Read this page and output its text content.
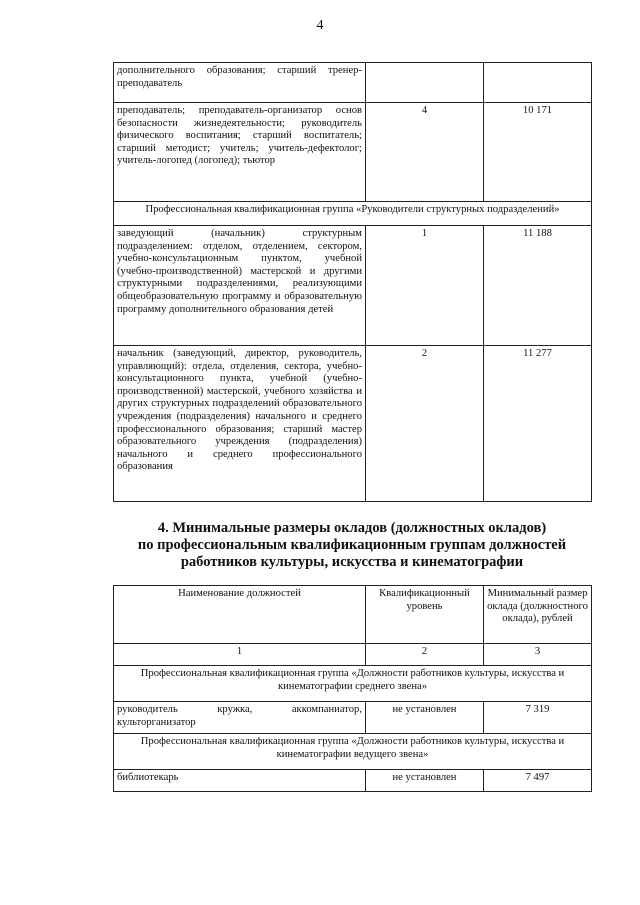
4
дополнительного образования; старший тренер-преподаватель		
преподаватель; преподаватель-организатор основ безопасности жизнедеятельности; руководитель физического воспитания; старший воспитатель; старший методист; учитель; учитель-дефектолог; учитель-логопед (логопед); тьютор	4	10 171
Профессиональная квалификационная группа «Руководители структурных подразделений»		
заведующий (начальник) структурным подразделением: отделом, отделением, сектором, учебно-консультационным пунктом, учебной (учебно-производственной) мастерской и другими структурными подразделениями, реализующими общеобразовательную программу и образовательную программу дополнительного образования детей	1	11 188
начальник (заведующий, директор, руководитель, управляющий): отдела, отделения, сектора, учебно-консультационного пункта, учебной (учебно-производственной) мастерской, учебного хозяйства и других структурных подразделений образовательного учреждения (подразделения) начального и среднего профессионального образования; старший мастер образовательного учреждения (подразделения) начального и среднего профессионального образования	2	11 277
4. Минимальные размеры окладов (должностных окладов)
по профессиональным квалификационным группам должностей
работников культуры, искусства и кинематографии
Наименование должностей	Квалификационный уровень	Минимальный размер оклада (должностного оклада), рублей
1	2	3
Профессиональная квалификационная группа «Должности работников культуры, искусства и кинематографии среднего звена»		
руководитель кружка, аккомпаниатор, культорганизатор	не установлен	7 319
Профессиональная квалификационная группа «Должности работников культуры, искусства и кинематографии ведущего звена»		
библиотекарь	не установлен	7 497
